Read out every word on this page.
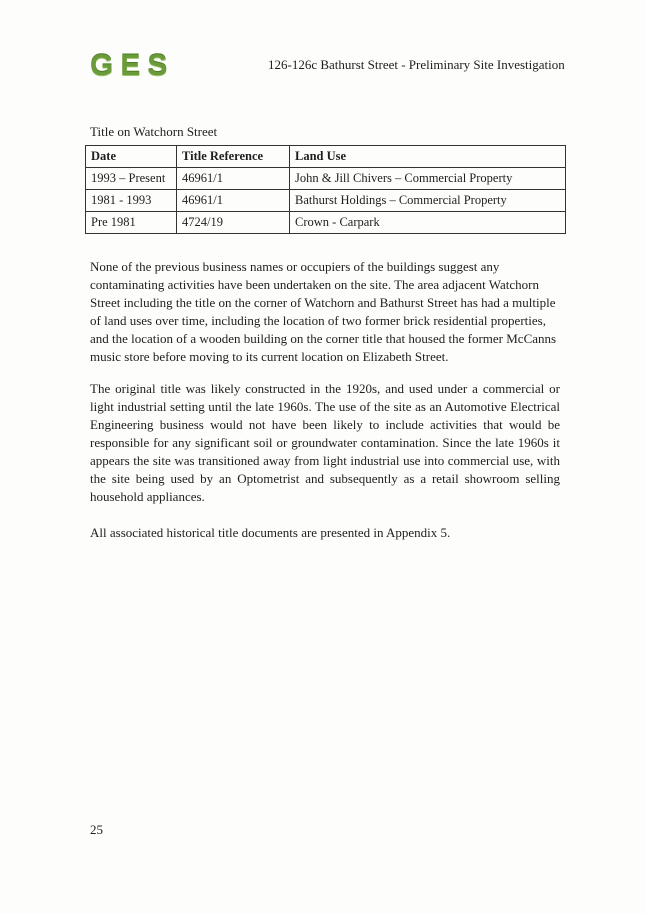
GES	126-126c Bathurst Street - Preliminary Site Investigation
Title on Watchorn Street
Date	Title Reference	Land Use
1993 – Present	46961/1	John & Jill Chivers – Commercial Property
1981 - 1993	46961/1	Bathurst Holdings – Commercial Property
Pre 1981	4724/19	Crown - Carpark

None of the previous business names or occupiers of the buildings suggest any contaminating activities have been undertaken on the site. The area adjacent Watchorn Street including the title on the corner of Watchorn and Bathurst Street has had a multiple of land uses over time, including the location of two former brick residential properties, and the location of a wooden building on the corner title that housed the former McCanns music store before moving to its current location on Elizabeth Street.

The original title was likely constructed in the 1920s, and used under a commercial or light industrial setting until the late 1960s. The use of the site as an Automotive Electrical Engineering business would not have been likely to include activities that would be responsible for any significant soil or groundwater contamination. Since the late 1960s it appears the site was transitioned away from light industrial use into commercial use, with the site being used by an Optometrist and subsequently as a retail showroom selling household appliances.

All associated historical title documents are presented in Appendix 5.

25
